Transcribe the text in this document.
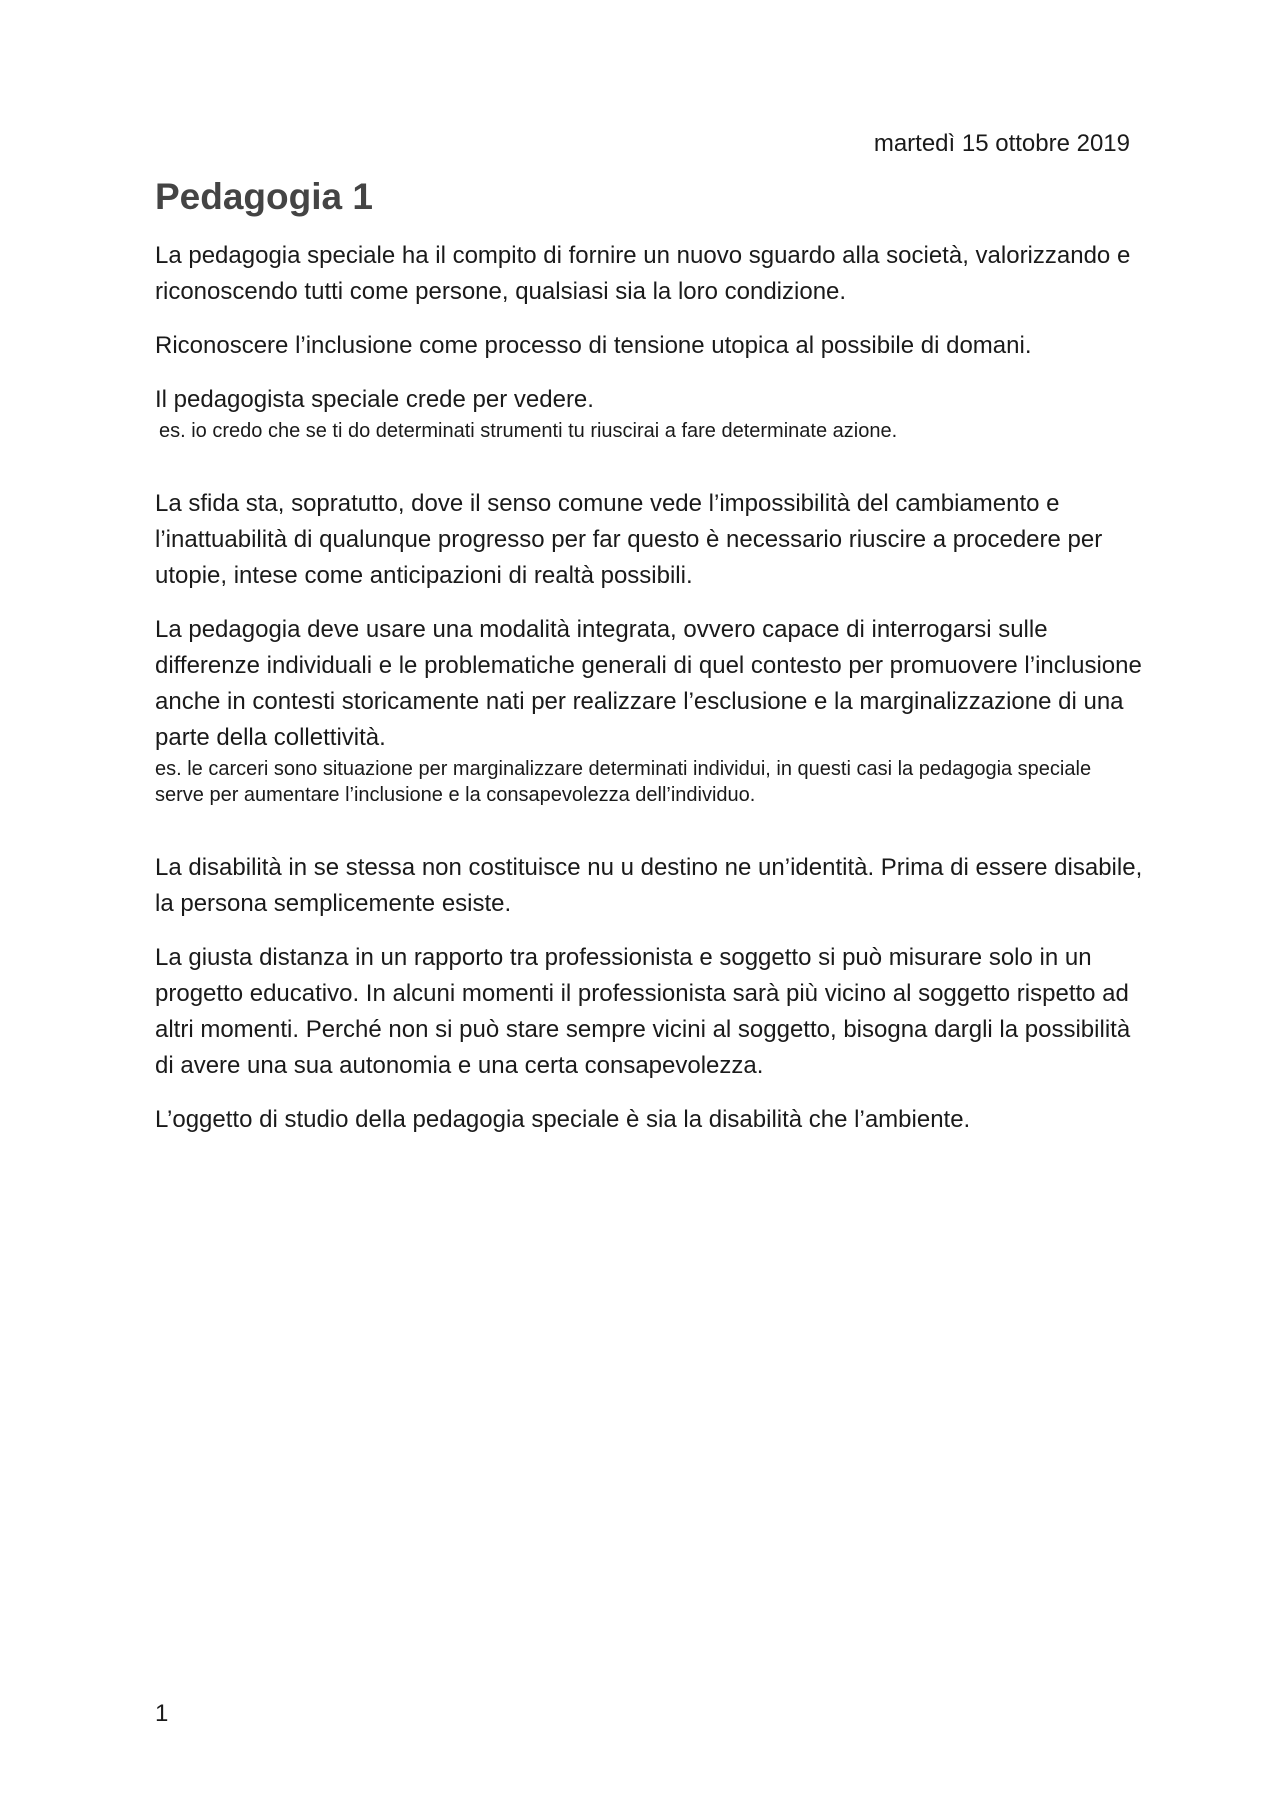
martedì 15 ottobre 2019
Pedagogia 1

La pedagogia speciale ha il compito di fornire un nuovo sguardo alla società, valorizzando e riconoscendo tutti come persone, qualsiasi sia la loro condizione.

Riconoscere l’inclusione come processo di tensione utopica al possibile di domani.

Il pedagogista speciale crede per vedere.

es. io credo che se ti do determinati strumenti tu riuscirai a fare determinate azione.

La sfida sta, sopratutto, dove il senso comune vede l’impossibilità del cambiamento e l’inattuabilità di qualunque progresso per far questo è necessario riuscire a procedere per utopie, intese come anticipazioni di realtà possibili.

La pedagogia deve usare una modalità integrata, ovvero capace di interrogarsi sulle differenze individuali e le problematiche generali di quel contesto per promuovere l’inclusione anche in contesti storicamente nati per realizzare l’esclusione e la marginalizzazione di una parte della collettività.

es. le carceri sono situazione per marginalizzare determinati individui, in questi casi la pedagogia speciale serve per aumentare l’inclusione e la consapevolezza dell’individuo.

La disabilità in se stessa non costituisce nu u destino ne un’identità. Prima di essere disabile, la persona semplicemente esiste.

La giusta distanza in un rapporto tra professionista e soggetto si può misurare solo in un progetto educativo. In alcuni momenti il professionista sarà più vicino al soggetto rispetto ad altri momenti. Perché non si può stare sempre vicini al soggetto, bisogna dargli la possibilità di avere una sua autonomia e una certa consapevolezza.

L’oggetto di studio della pedagogia speciale è sia la disabilità che l’ambiente.

1
